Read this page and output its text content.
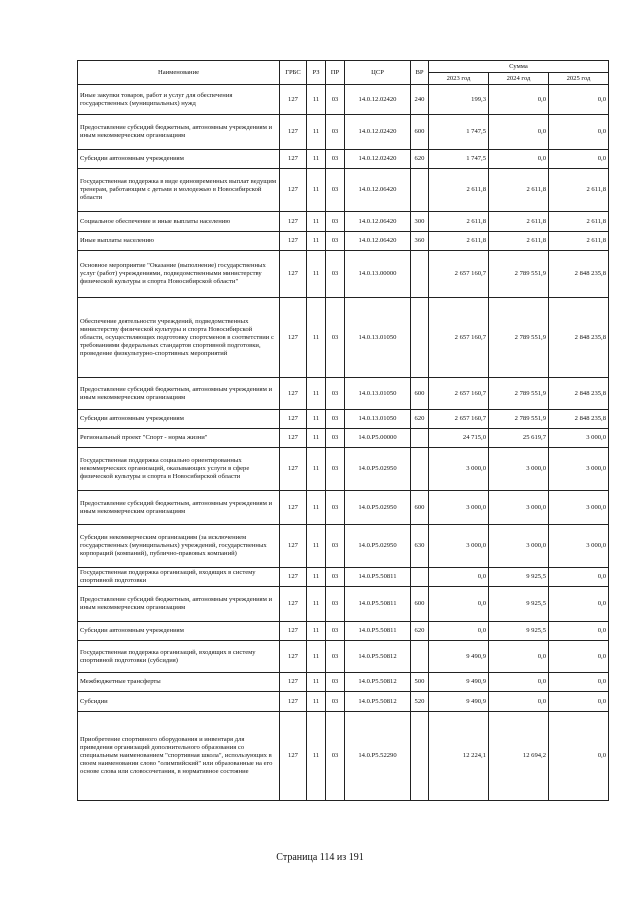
Наименование	ГРБС	РЗ	ПР	ЦСР	ВР	Сумма		
						2023 год	2024 год	2025 год
Иные закупки товаров, работ и услуг для обеспечения государственных (муниципальных) нужд	127	11	03	14.0.12.02420	240	199,3	0,0	0,0
Предоставление субсидий бюджетным, автономным учреждениям и иным некоммерческим организациям	127	11	03	14.0.12.02420	600	1 747,5	0,0	0,0
Субсидии автономным учреждениям	127	11	03	14.0.12.02420	620	1 747,5	0,0	0,0
Государственная поддержка в виде единовременных выплат ведущим тренерам, работающим с детьми и молодежью в Новосибирской области	127	11	03	14.0.12.06420		2 611,8	2 611,8	2 611,8
Социальное обеспечение и иные выплаты населению	127	11	03	14.0.12.06420	300	2 611,8	2 611,8	2 611,8
Иные выплаты населению	127	11	03	14.0.12.06420	360	2 611,8	2 611,8	2 611,8
Основное мероприятие "Оказание (выполнение) государственных услуг (работ) учреждениями, подведомственными министерству физической культуры и спорта Новосибирской области"	127	11	03	14.0.13.00000		2 657 160,7	2 789 551,9	2 848 235,8
Обеспечение деятельности учреждений, подведомственных министерству физической культуры и спорта Новосибирской области, осуществляющих подготовку спортсменов в соответствии с требованиями федеральных стандартов спортивной подготовки, проведение физкультурно-спортивных мероприятий	127	11	03	14.0.13.01050		2 657 160,7	2 789 551,9	2 848 235,8
Предоставление субсидий бюджетным, автономным учреждениям и иным некоммерческим организациям	127	11	03	14.0.13.01050	600	2 657 160,7	2 789 551,9	2 848 235,8
Субсидии автономным учреждениям	127	11	03	14.0.13.01050	620	2 657 160,7	2 789 551,9	2 848 235,8
Региональный проект "Спорт - норма жизни"	127	11	03	14.0.P5.00000		24 715,0	25 619,7	3 000,0
Государственная поддержка социально ориентированных некоммерческих организаций, оказывающих услуги в сфере физической культуры и спорта в Новосибирской области	127	11	03	14.0.P5.02950		3 000,0	3 000,0	3 000,0
Предоставление субсидий бюджетным, автономным учреждениям и иным некоммерческим организациям	127	11	03	14.0.P5.02950	600	3 000,0	3 000,0	3 000,0
Субсидии некоммерческим организациям (за исключением государственных (муниципальных) учреждений, государственных корпораций (компаний), публично-правовых компаний)	127	11	03	14.0.P5.02950	630	3 000,0	3 000,0	3 000,0
Государственная поддержка организаций, входящих в систему спортивной подготовки	127	11	03	14.0.P5.50811		0,0	9 925,5	0,0
Предоставление субсидий бюджетным, автономным учреждениям и иным некоммерческим организациям	127	11	03	14.0.P5.50811	600	0,0	9 925,5	0,0
Субсидии автономным учреждениям	127	11	03	14.0.P5.50811	620	0,0	9 925,5	0,0
Государственная поддержка организаций, входящих в систему спортивной подготовки (субсидия)	127	11	03	14.0.P5.50812		9 490,9	0,0	0,0
Межбюджетные трансферты	127	11	03	14.0.P5.50812	500	9 490,9	0,0	0,0
Субсидии	127	11	03	14.0.P5.50812	520	9 490,9	0,0	0,0
Приобретение спортивного оборудования и инвентаря для приведения организаций дополнительного образования со специальным наименованием "спортивная школа", использующих в своем наименовании слово "олимпийский" или образованные на его основе слова или словосочетания, в нормативное состояние	127	11	03	14.0.P5.52290		12 224,1	12 694,2	0,0
Страница 114 из 191
